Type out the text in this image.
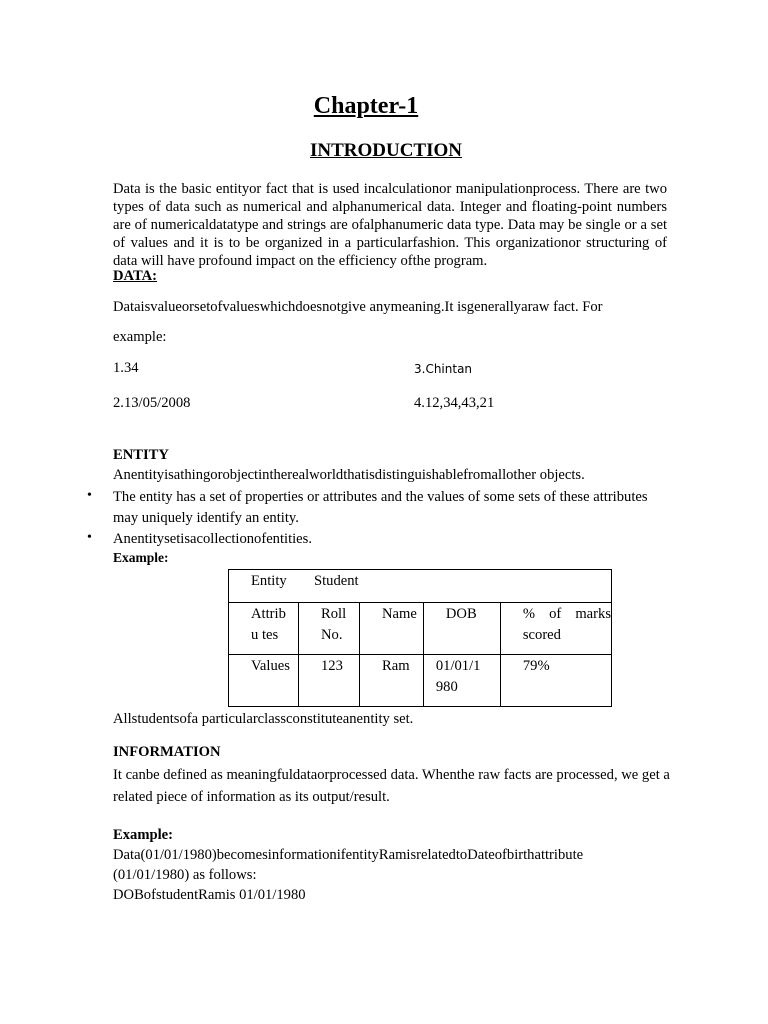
Chapter-1
INTRODUCTION
Data is the basic entityor fact that is used incalculationor manipulationprocess. There are two types of data such as numerical and alphanumerical data. Integer and floating-point numbers are of numericaldatatype and strings are ofalphanumeric data type. Data may be single or a set of values and it is to be organized in a particularfashion. This organizationor structuring of data will have profound impact on the efficiency ofthe program.
DATA:
Dataisvalueorsetofvalueswhichdoesnotgive anymeaning.It isgenerallyaraw fact. For
example:
1.34	3.Chintan
2.13/05/2008	4.12,34,43,21
ENTITY
Anentityisathingorobjectintherealworldthatisdistinguishablefromallother objects.
• The entity has a set of properties or attributes and the values of some sets of these attributes may uniquely identify an entity.
• Anentitysetisacollectionofentities.
Example:
Entity Student				

Attribu tes	Roll No.	Name	DOB	% of marks scored

Values	123	Ram	01/01/1 980	79%
Allstudentsofa particularclassconstituteanentity set.
INFORMATION
It canbe defined as meaningfuldataorprocessed data. Whenthe raw facts are processed, we get a related piece of information as its output/result.
Example:
Data(01/01/1980)becomesinformationifentityRamisrelatedtoDateofbirthattribute
(01/01/1980) as follows:
DOBofstudentRamis 01/01/1980
